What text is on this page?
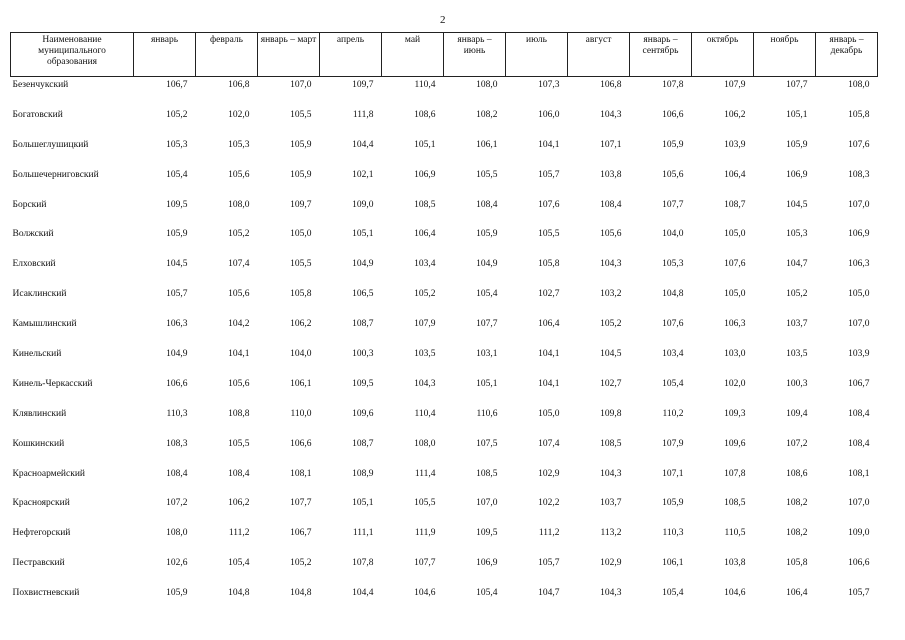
2
Наименование муниципального образования	январь	февраль	январь – март	апрель	май	январь – июнь	июль	август	январь – сентябрь	октябрь	ноябрь	январь – декабрь
Безенчукский	106,7	106,8	107,0	109,7	110,4	108,0	107,3	106,8	107,8	107,9	107,7	108,0
Богатовский	105,2	102,0	105,5	111,8	108,6	108,2	106,0	104,3	106,6	106,2	105,1	105,8
Большеглушицкий	105,3	105,3	105,9	104,4	105,1	106,1	104,1	107,1	105,9	103,9	105,9	107,6
Большечерниговский	105,4	105,6	105,9	102,1	106,9	105,5	105,7	103,8	105,6	106,4	106,9	108,3
Борский	109,5	108,0	109,7	109,0	108,5	108,4	107,6	108,4	107,7	108,7	104,5	107,0
Волжский	105,9	105,2	105,0	105,1	106,4	105,9	105,5	105,6	104,0	105,0	105,3	106,9
Елховский	104,5	107,4	105,5	104,9	103,4	104,9	105,8	104,3	105,3	107,6	104,7	106,3
Исаклинский	105,7	105,6	105,8	106,5	105,2	105,4	102,7	103,2	104,8	105,0	105,2	105,0
Камышлинский	106,3	104,2	106,2	108,7	107,9	107,7	106,4	105,2	107,6	106,3	103,7	107,0
Кинельский	104,9	104,1	104,0	100,3	103,5	103,1	104,1	104,5	103,4	103,0	103,5	103,9
Кинель-Черкасский	106,6	105,6	106,1	109,5	104,3	105,1	104,1	102,7	105,4	102,0	100,3	106,7
Клявлинский	110,3	108,8	110,0	109,6	110,4	110,6	105,0	109,8	110,2	109,3	109,4	108,4
Кошкинский	108,3	105,5	106,6	108,7	108,0	107,5	107,4	108,5	107,9	109,6	107,2	108,4
Красноармейский	108,4	108,4	108,1	108,9	111,4	108,5	102,9	104,3	107,1	107,8	108,6	108,1
Красноярский	107,2	106,2	107,7	105,1	105,5	107,0	102,2	103,7	105,9	108,5	108,2	107,0
Нефтегорский	108,0	111,2	106,7	111,1	111,9	109,5	111,2	113,2	110,3	110,5	108,2	109,0
Пестравский	102,6	105,4	105,2	107,8	107,7	106,9	105,7	102,9	106,1	103,8	105,8	106,6
Похвистневский	105,9	104,8	104,8	104,4	104,6	105,4	104,7	104,3	105,4	104,6	106,4	105,7
